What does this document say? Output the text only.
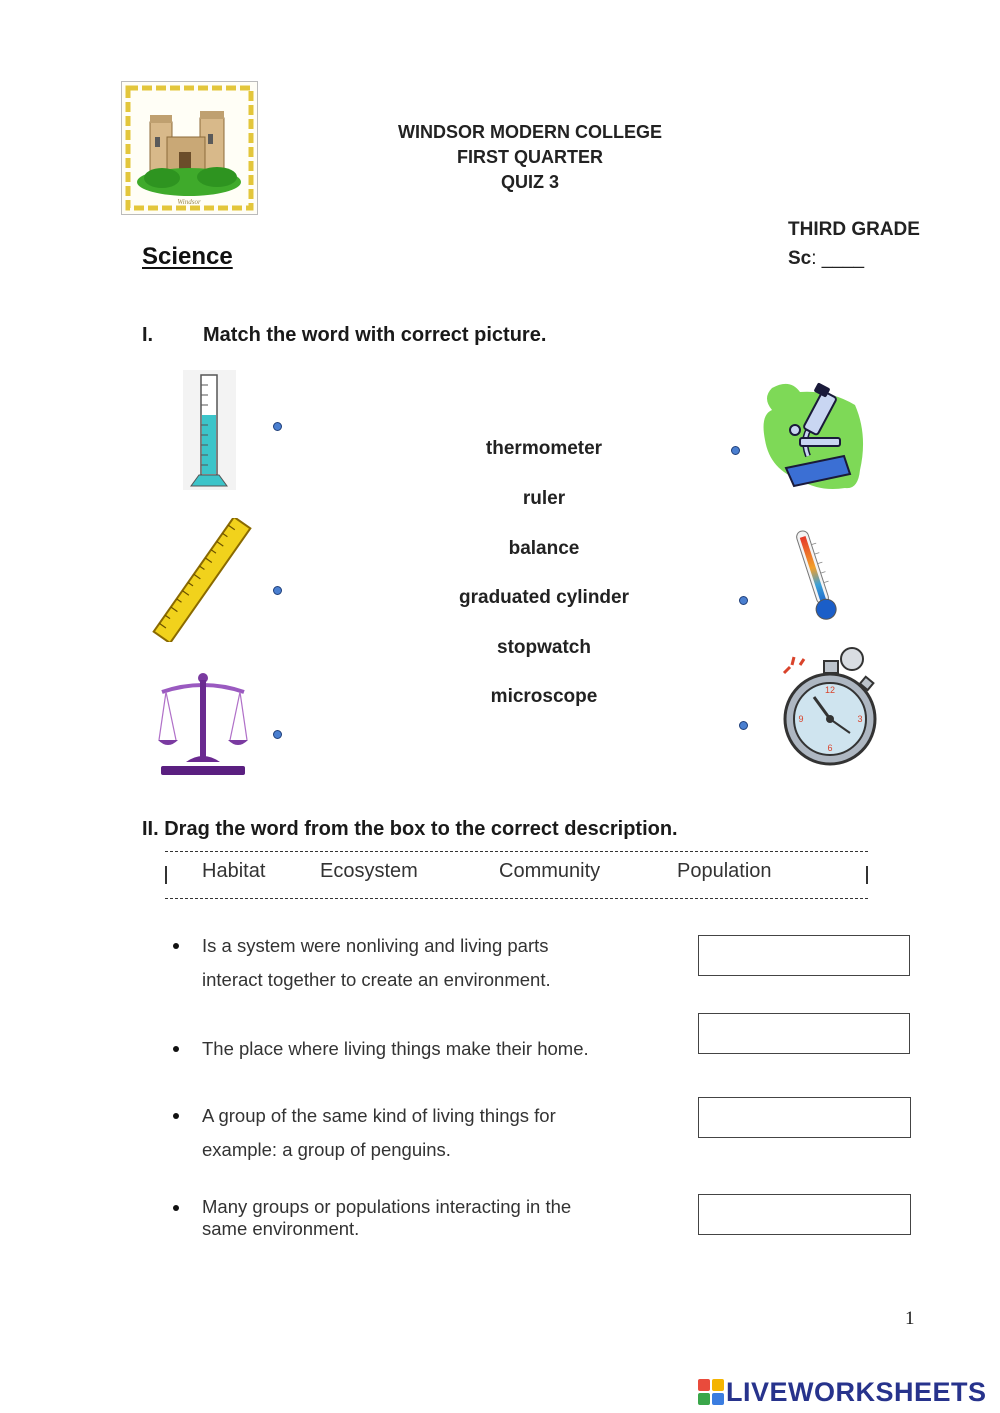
Windsor
WINDSOR MODERN COLLEGE
FIRST QUARTER
QUIZ 3
THIRD GRADE
Sc: ____
Science
I. Match the word with correct picture.
thermometer
ruler
balance
graduated cylinder
stopwatch
microscope	12
3
6
9
II. Drag the word from the box to the correct description.
Habitat	Ecosystem	Community	Population
Is a system were nonliving and living parts
interact together to create an environment.
The place where living things make their home.
A group of the same kind of living things for
example: a group of penguins.
Many groups or populations interacting in the
same environment.
1
LIVEWORKSHEETS
